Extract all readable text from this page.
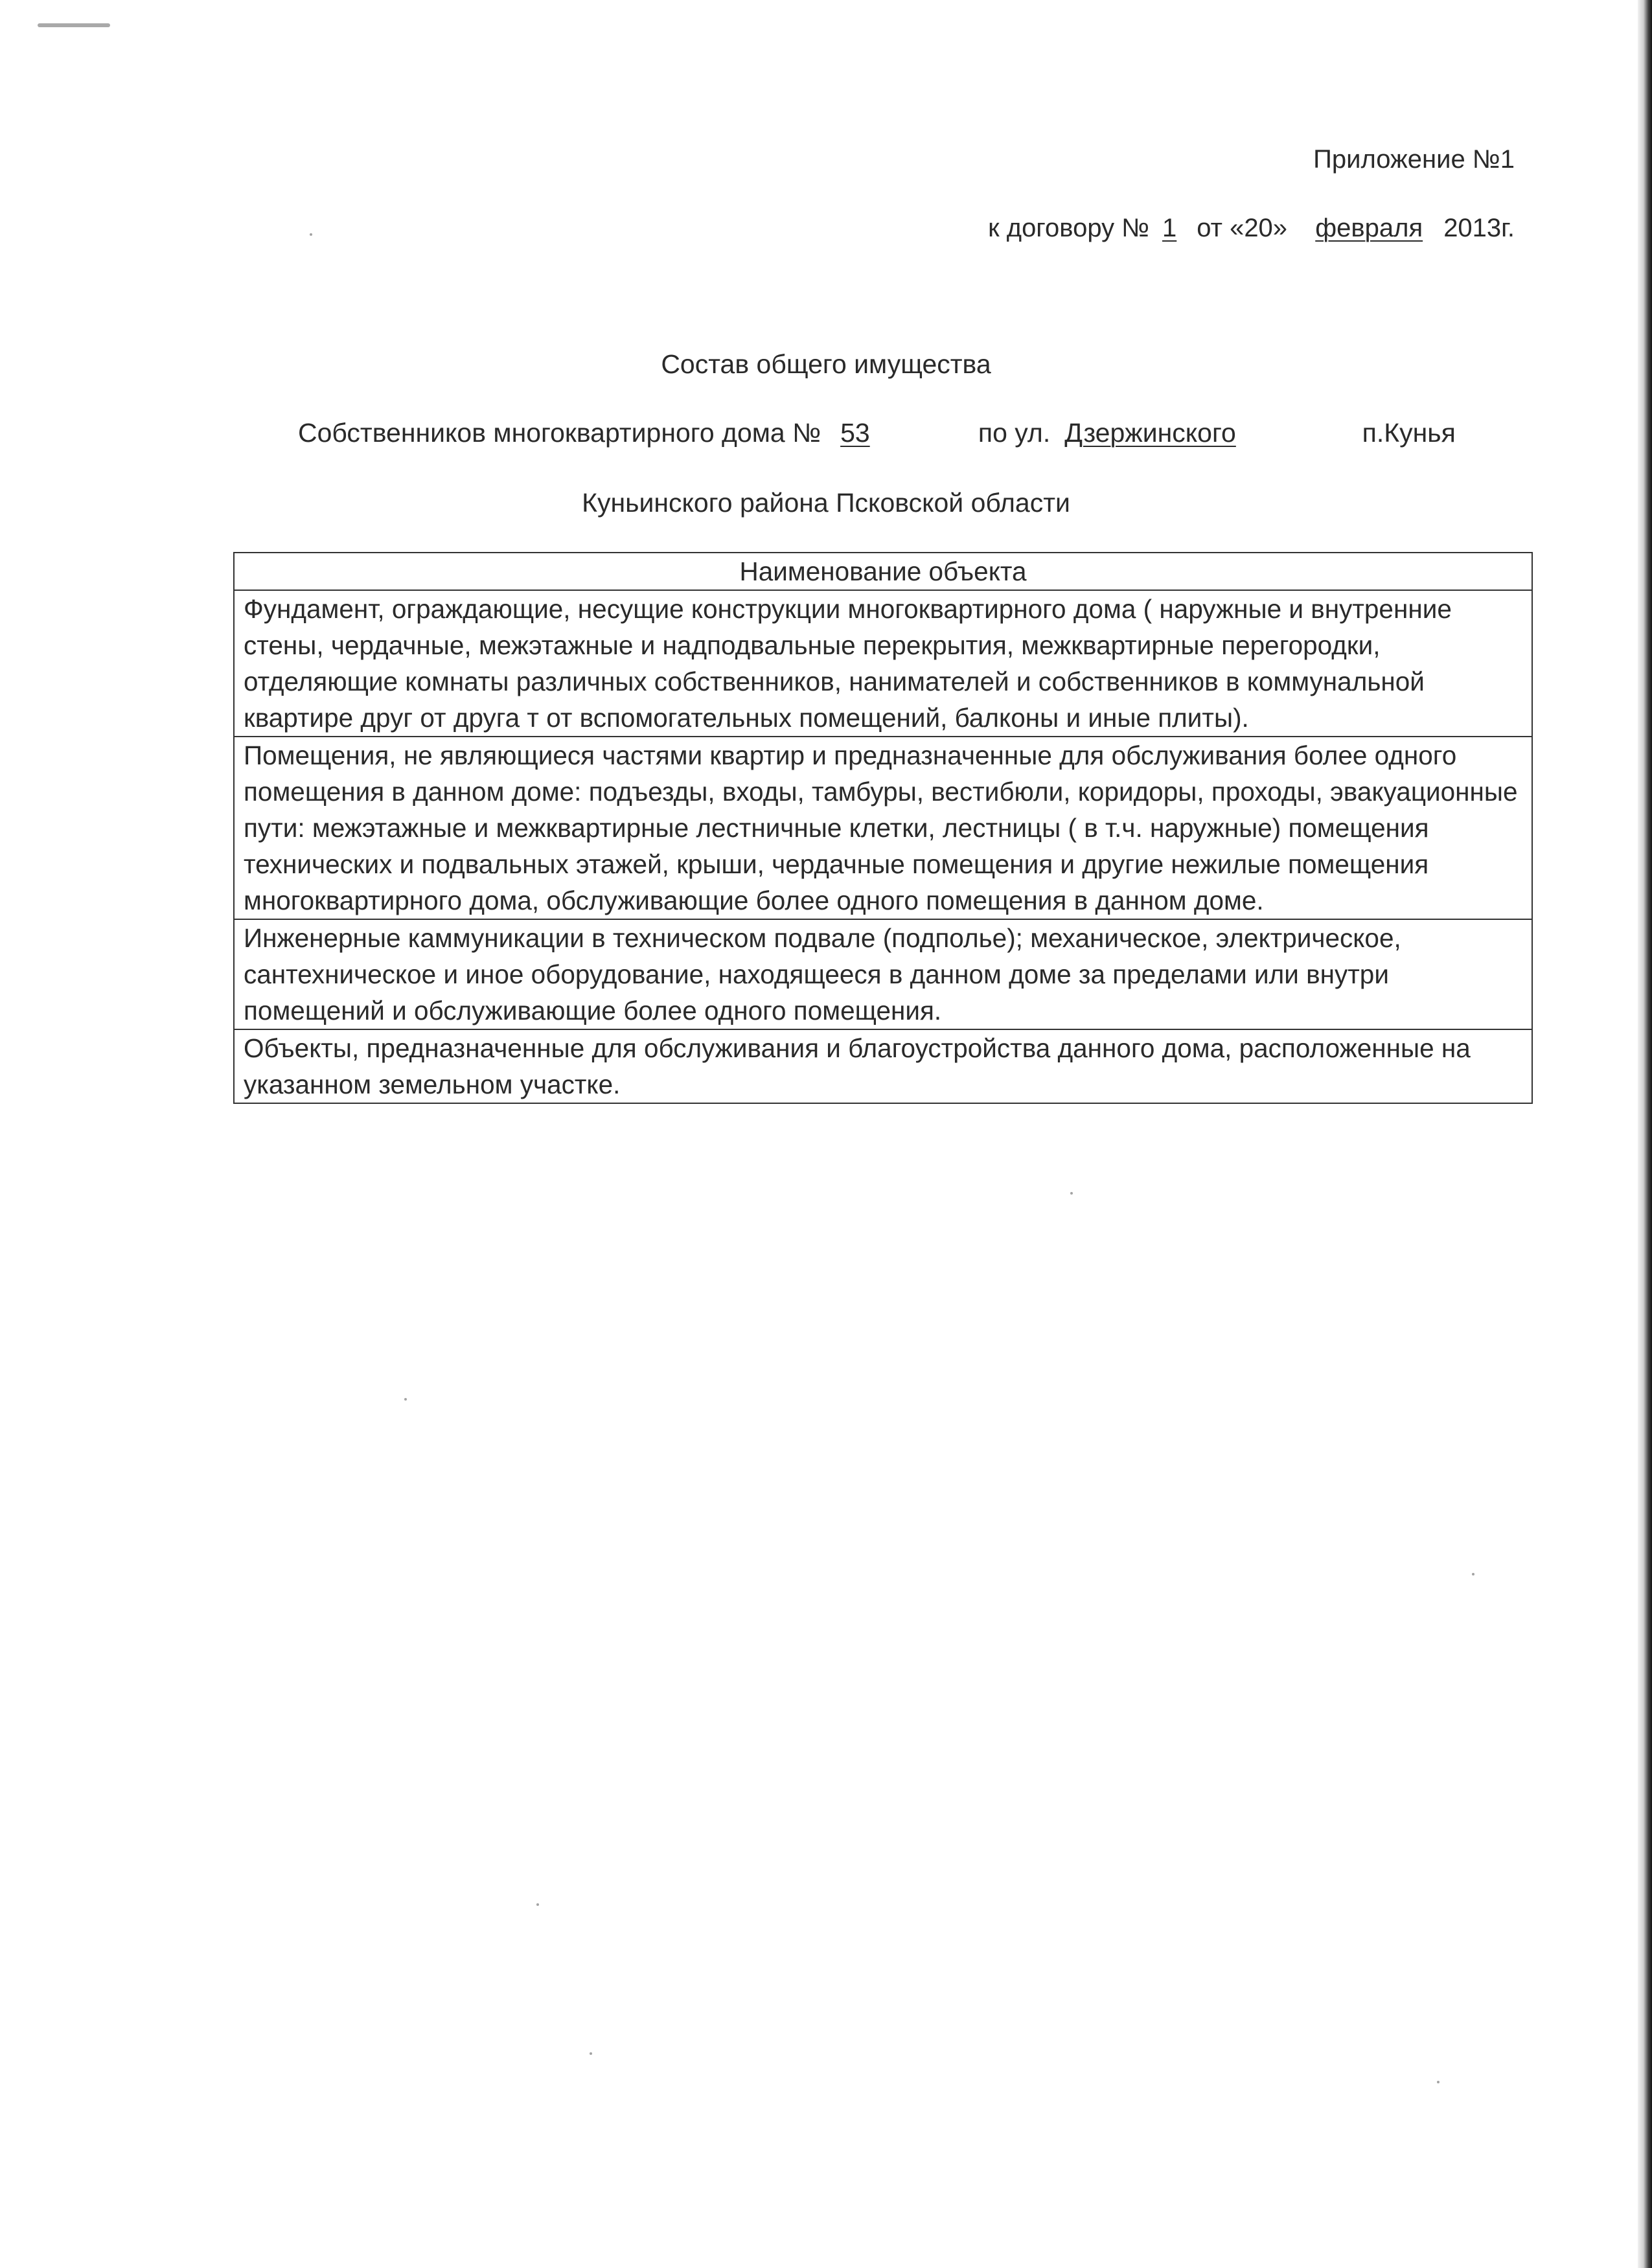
Приложение №1
к договору № 1 от «20» февраля 2013г.
Состав общего имущества
Собственников многоквартирного дома № 53	по ул. Дзержинского	п.Кунья
Куньинского района Псковской области
Наименование объекта
Фундамент, ограждающие, несущие конструкции многоквартирного дома ( наружные и внутренние стены, чердачные, межэтажные и надподвальные перекрытия, межквартирные перегородки, отделяющие комнаты различных собственников, нанимателей и собственников в коммунальной квартире друг от друга т от вспомогательных помещений, балконы и иные плиты).
Помещения, не являющиеся частями квартир и предназначенные для обслуживания более одного помещения в данном доме: подъезды, входы, тамбуры, вестибюли, коридоры, проходы, эвакуационные пути: межэтажные и межквартирные лестничные клетки, лестницы ( в т.ч. наружные) помещения технических и подвальных этажей, крыши, чердачные помещения и другие нежилые помещения многоквартирного дома, обслуживающие более одного помещения в данном доме.
Инженерные каммуникации в техническом подвале (подполье); механическое, электрическое, сантехническое и иное оборудование, находящееся в данном доме за пределами или внутри помещений и обслуживающие более одного помещения.
Объекты, предназначенные для обслуживания и благоустройства данного дома, расположенные на указанном земельном участке.
